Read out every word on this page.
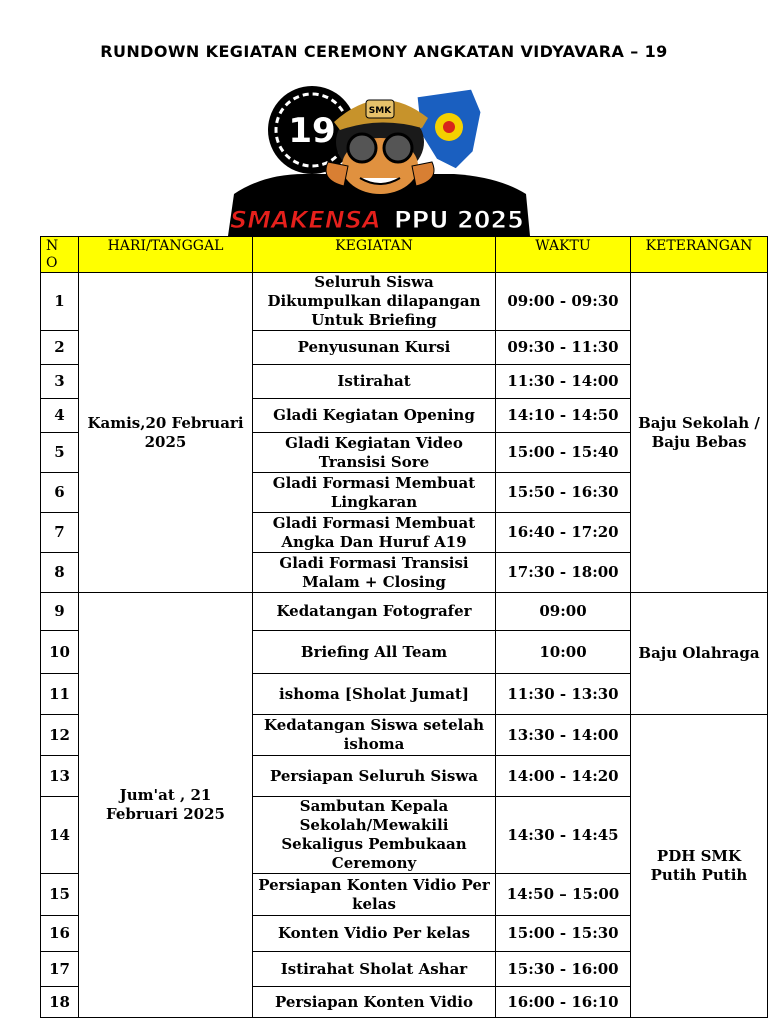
RUNDOWN KEGIATAN CEREMONY ANGKATAN VIDYAVARA – 19
19	SMK
SMAKENSA PPU 2025
N O	HARI/TANGGAL	KEGIATAN	WAKTU	KETERANGAN
1	Kamis,20 Februari 2025	Seluruh Siswa Dikumpulkan dilapangan Untuk Briefing	09:00 - 09:30	Baju Sekolah / Baju Bebas
2		Penyusunan Kursi	09:30 - 11:30	
3		Istirahat	11:30 - 14:00	
4		Gladi Kegiatan Opening	14:10 - 14:50	
5		Gladi Kegiatan Video Transisi Sore	15:00 - 15:40	
6		Gladi Formasi Membuat Lingkaran	15:50 - 16:30	
7		Gladi Formasi Membuat Angka Dan Huruf A19	16:40 - 17:20	
8		Gladi Formasi Transisi Malam + Closing	17:30 - 18:00	
9	Jum'at , 21 Februari 2025	Kedatangan Fotografer	09:00	Baju Olahraga
10		Briefing All Team	10:00	
11		ishoma [Sholat Jumat]	11:30 - 13:30	
12		Kedatangan Siswa setelah ishoma	13:30 - 14:00	PDH SMK Putih Putih
13		Persiapan Seluruh Siswa	14:00 - 14:20	
14		Sambutan Kepala Sekolah/Mewakili Sekaligus Pembukaan Ceremony	14:30 - 14:45	
15		Persiapan Konten Vidio Per kelas	14:50 – 15:00	
16		Konten Vidio Per kelas	15:00 - 15:30	
17		Istirahat Sholat Ashar	15:30 - 16:00	
18		Persiapan Konten Vidio	16:00 - 16:10	
